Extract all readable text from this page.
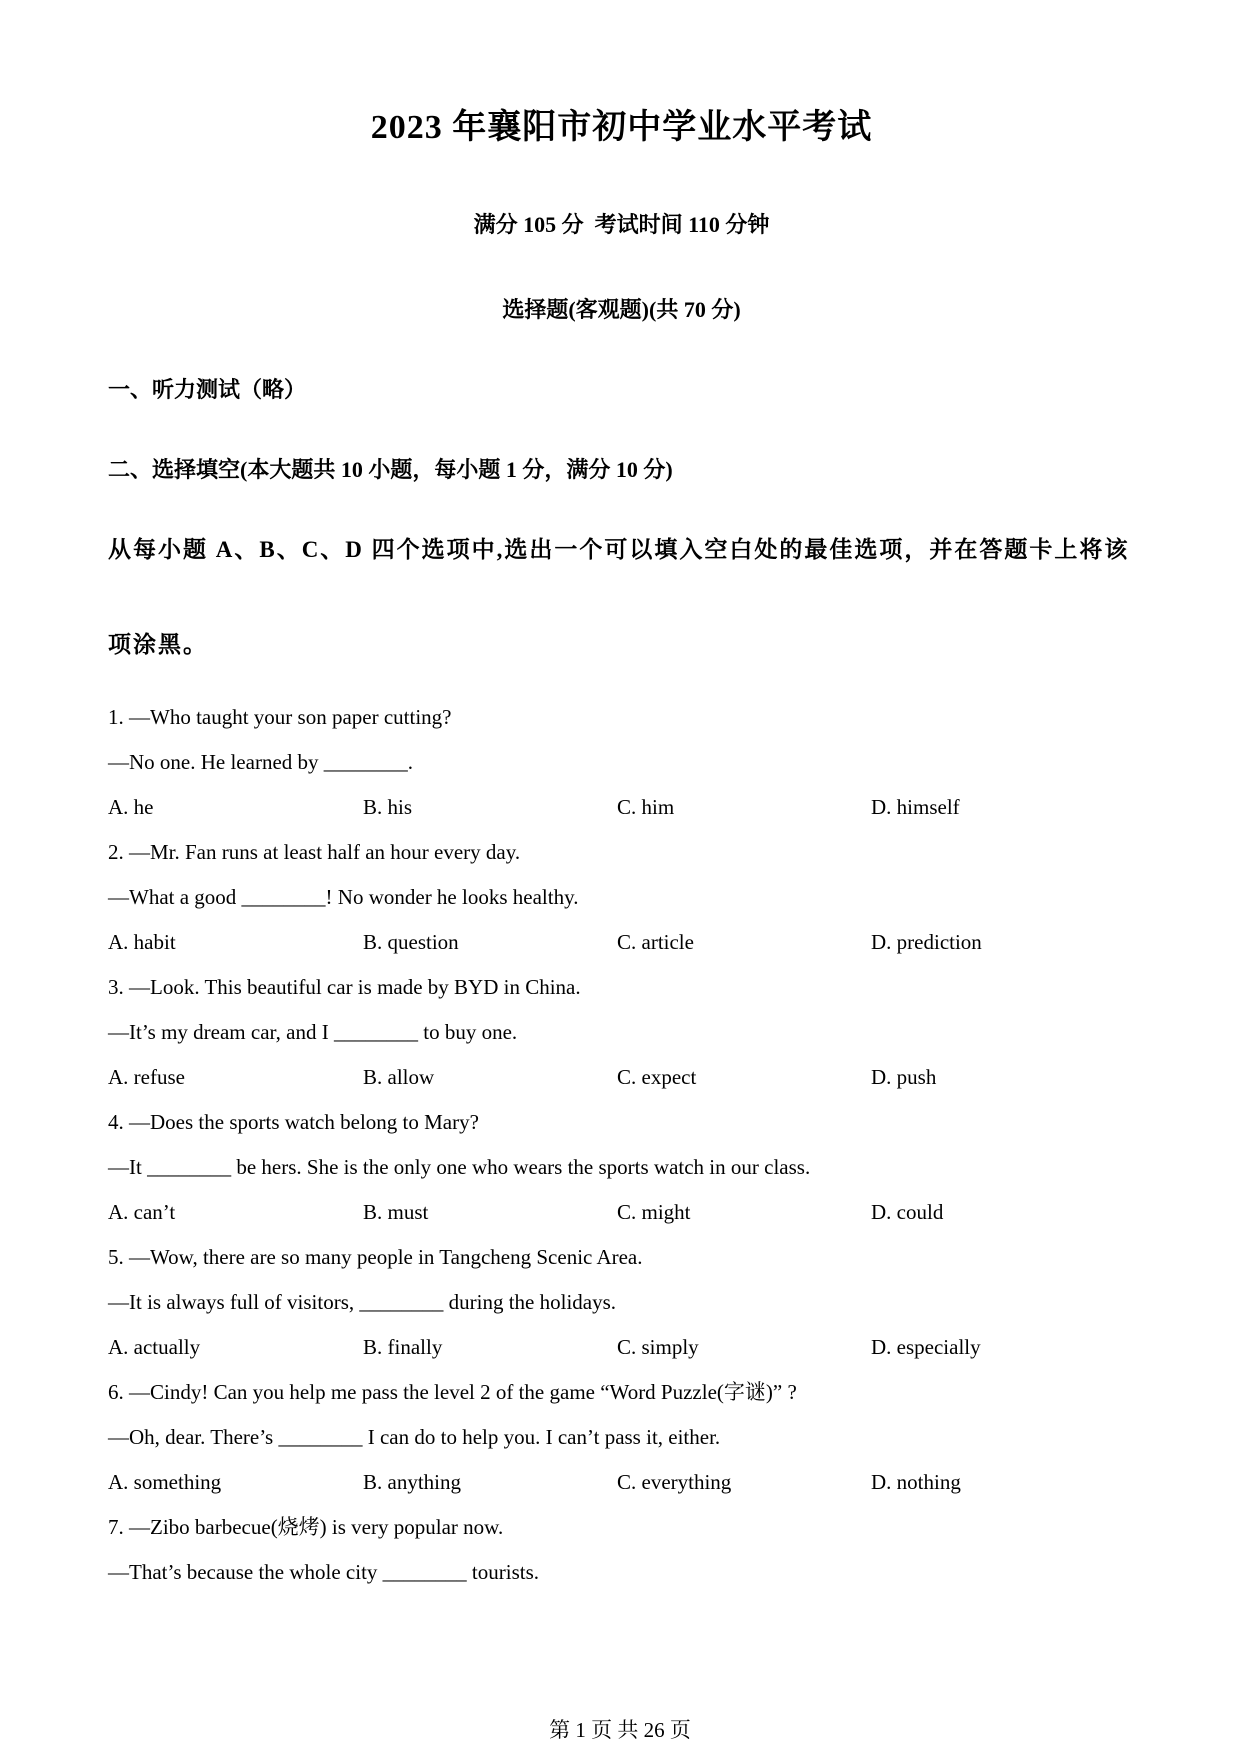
2023 年襄阳市初中学业水平考试
满分 105 分  考试时间 110 分钟
选择题(客观题)(共 70 分)
一、听力测试（略）
二、选择填空(本大题共 10 小题，每小题 1 分，满分 10 分)
从每小题 A、B、C、D 四个选项中,选出一个可以填入空白处的最佳选项，并在答题卡上将该
项涂黑。
1. —Who taught your son paper cutting?
—No one. He learned by ________.
A. he	B. his	C. him	D. himself
2. —Mr. Fan runs at least half an hour every day.
—What a good ________! No wonder he looks healthy.
A. habit	B. question	C. article	D. prediction
3. —Look. This beautiful car is made by BYD in China.
—It’s my dream car, and I ________ to buy one.
A. refuse	B. allow	C. expect	D. push
4. —Does the sports watch belong to Mary?
—It ________ be hers. She is the only one who wears the sports watch in our class.
A. can’t	B. must	C. might	D. could
5. —Wow, there are so many people in Tangcheng Scenic Area.
—It is always full of visitors, ________ during the holidays.
A. actually	B. finally	C. simply	D. especially
6. —Cindy! Can you help me pass the level 2 of the game “Word Puzzle(字谜)” ?
—Oh, dear. There’s ________ I can do to help you. I can’t pass it, either.
A. something	B. anything	C. everything	D. nothing
7. —Zibo barbecue(烧烤) is very popular now.
—That’s because the whole city ________ tourists.
第 1 页 共 26 页
